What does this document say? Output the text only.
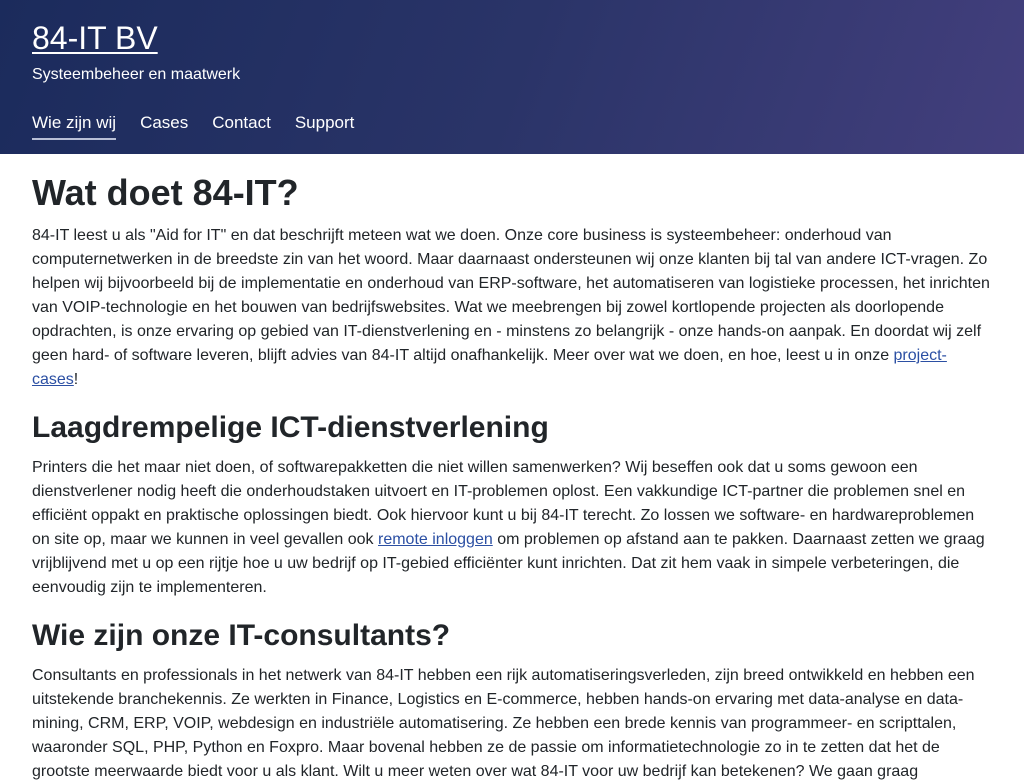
84-IT BV
Systeembeheer en maatwerk
Wie zijn wij Cases Contact Support
Wat doet 84-IT?

84-IT leest u als "Aid for IT" en dat beschrijft meteen wat we doen. Onze core business is systeembeheer: onderhoud van computernetwerken in de breedste zin van het woord. Maar daarnaast ondersteunen wij onze klanten bij tal van andere ICT-vragen. Zo helpen wij bijvoorbeeld bij de implementatie en onderhoud van ERP-software, het automatiseren van logistieke processen, het inrichten van VOIP-technologie en het bouwen van bedrijfswebsites. Wat we meebrengen bij zowel kortlopende projecten als doorlopende opdrachten, is onze ervaring op gebied van IT-dienstverlening en - minstens zo belangrijk - onze hands-on aanpak. En doordat wij zelf geen hard- of software leveren, blijft advies van 84-IT altijd onafhankelijk. Meer over wat we doen, en hoe, leest u in onze project-cases!

Laagdrempelige ICT-dienstverlening

Printers die het maar niet doen, of softwarepakketten die niet willen samenwerken? Wij beseffen ook dat u soms gewoon een dienstverlener nodig heeft die onderhoudstaken uitvoert en IT-problemen oplost. Een vakkundige ICT-partner die problemen snel en efficiënt oppakt en praktische oplossingen biedt. Ook hiervoor kunt u bij 84-IT terecht. Zo lossen we software- en hardwareproblemen on site op, maar we kunnen in veel gevallen ook remote inloggen om problemen op afstand aan te pakken. Daarnaast zetten we graag vrijblijvend met u op een rijtje hoe u uw bedrijf op IT-gebied efficiënter kunt inrichten. Dat zit hem vaak in simpele verbeteringen, die eenvoudig zijn te implementeren.

Wie zijn onze IT-consultants?

Consultants en professionals in het netwerk van 84-IT hebben een rijk automatiseringsverleden, zijn breed ontwikkeld en hebben een uitstekende branchekennis. Ze werkten in Finance, Logistics en E-commerce, hebben hands-on ervaring met data-analyse en data-mining, CRM, ERP, VOIP, webdesign en industriële automatisering. Ze hebben een brede kennis van programmeer- en scripttalen, waaronder SQL, PHP, Python en Foxpro. Maar bovenal hebben ze de passie om informatietechnologie zo in te zetten dat het de grootste meerwaarde biedt voor u als klant. Wilt u meer weten over wat 84-IT voor uw bedrijf kan betekenen? We gaan graag
